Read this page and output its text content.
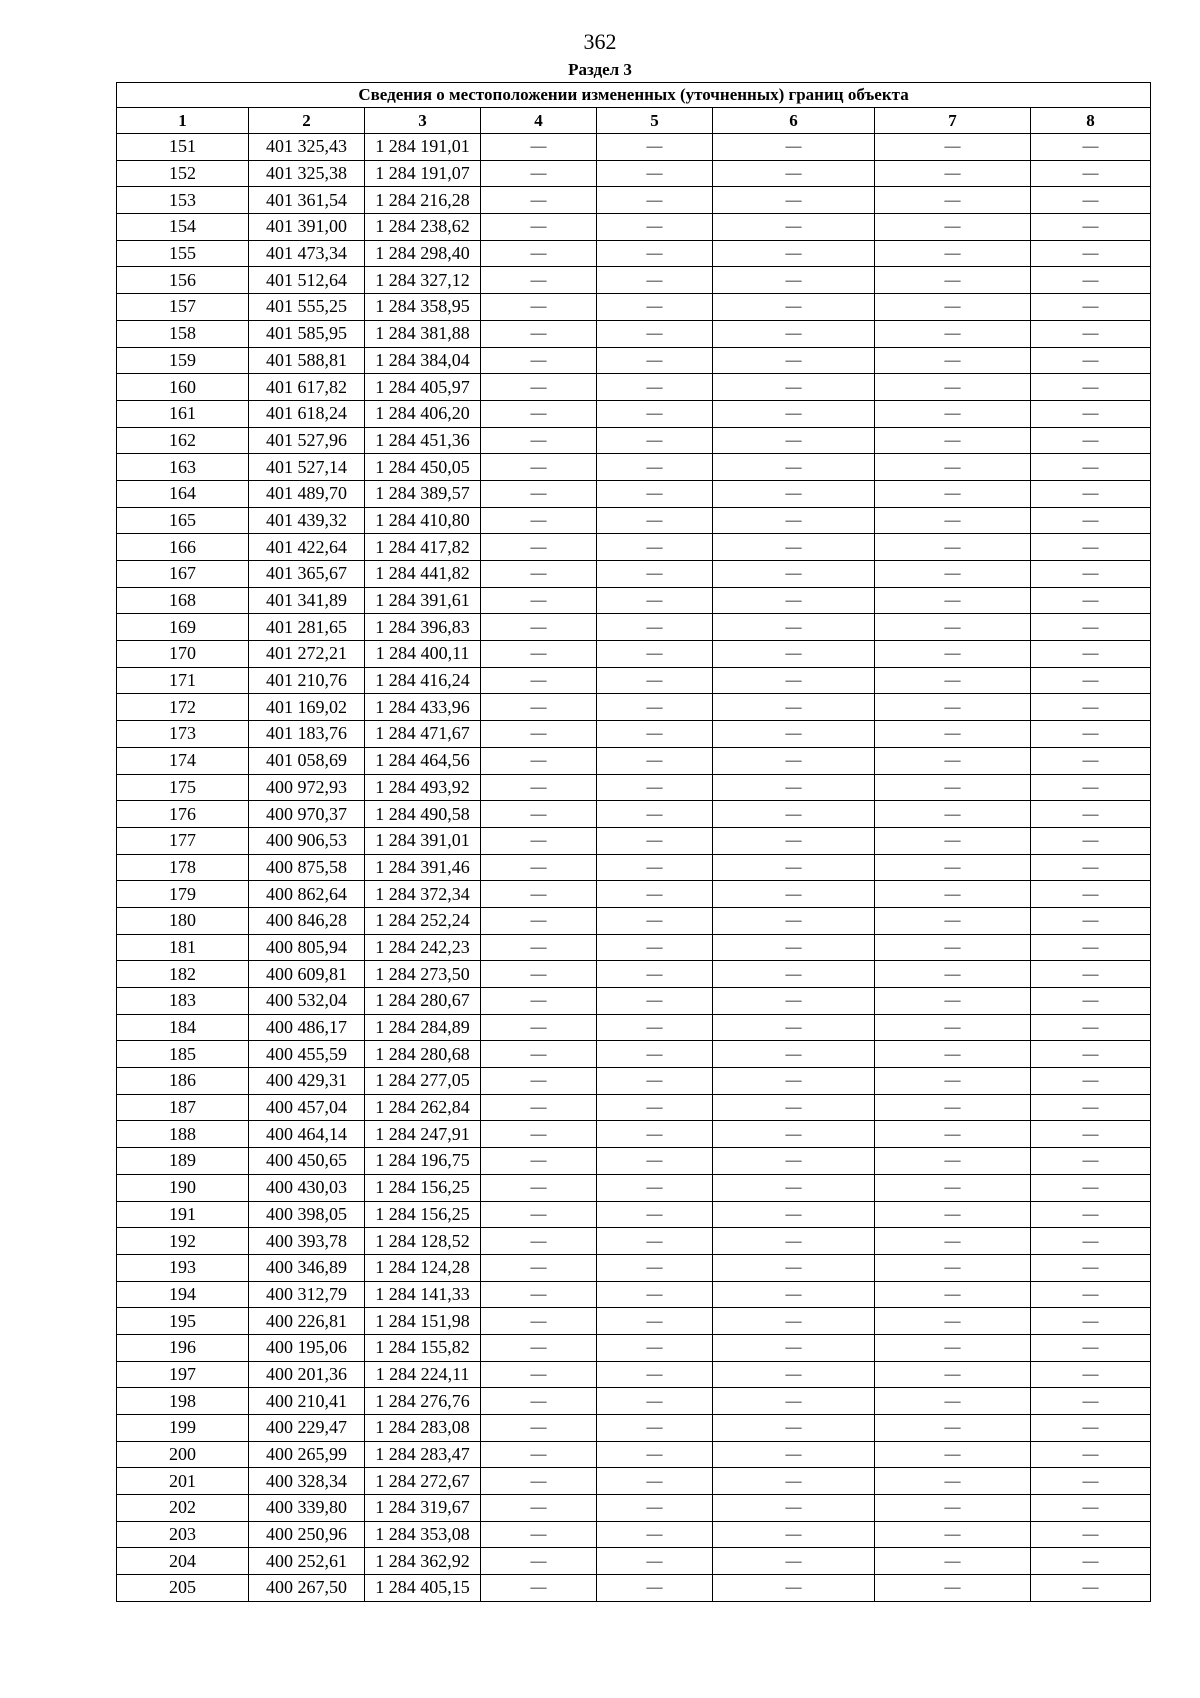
362
Раздел 3
Сведения о местоположении измененных (уточненных) границ объекта							
1	2	3	4	5	6	7	8
151	401 325,43	1 284 191,01	—	—	—	—	—
152	401 325,38	1 284 191,07	—	—	—	—	—
153	401 361,54	1 284 216,28	—	—	—	—	—
154	401 391,00	1 284 238,62	—	—	—	—	—
155	401 473,34	1 284 298,40	—	—	—	—	—
156	401 512,64	1 284 327,12	—	—	—	—	—
157	401 555,25	1 284 358,95	—	—	—	—	—
158	401 585,95	1 284 381,88	—	—	—	—	—
159	401 588,81	1 284 384,04	—	—	—	—	—
160	401 617,82	1 284 405,97	—	—	—	—	—
161	401 618,24	1 284 406,20	—	—	—	—	—
162	401 527,96	1 284 451,36	—	—	—	—	—
163	401 527,14	1 284 450,05	—	—	—	—	—
164	401 489,70	1 284 389,57	—	—	—	—	—
165	401 439,32	1 284 410,80	—	—	—	—	—
166	401 422,64	1 284 417,82	—	—	—	—	—
167	401 365,67	1 284 441,82	—	—	—	—	—
168	401 341,89	1 284 391,61	—	—	—	—	—
169	401 281,65	1 284 396,83	—	—	—	—	—
170	401 272,21	1 284 400,11	—	—	—	—	—
171	401 210,76	1 284 416,24	—	—	—	—	—
172	401 169,02	1 284 433,96	—	—	—	—	—
173	401 183,76	1 284 471,67	—	—	—	—	—
174	401 058,69	1 284 464,56	—	—	—	—	—
175	400 972,93	1 284 493,92	—	—	—	—	—
176	400 970,37	1 284 490,58	—	—	—	—	—
177	400 906,53	1 284 391,01	—	—	—	—	—
178	400 875,58	1 284 391,46	—	—	—	—	—
179	400 862,64	1 284 372,34	—	—	—	—	—
180	400 846,28	1 284 252,24	—	—	—	—	—
181	400 805,94	1 284 242,23	—	—	—	—	—
182	400 609,81	1 284 273,50	—	—	—	—	—
183	400 532,04	1 284 280,67	—	—	—	—	—
184	400 486,17	1 284 284,89	—	—	—	—	—
185	400 455,59	1 284 280,68	—	—	—	—	—
186	400 429,31	1 284 277,05	—	—	—	—	—
187	400 457,04	1 284 262,84	—	—	—	—	—
188	400 464,14	1 284 247,91	—	—	—	—	—
189	400 450,65	1 284 196,75	—	—	—	—	—
190	400 430,03	1 284 156,25	—	—	—	—	—
191	400 398,05	1 284 156,25	—	—	—	—	—
192	400 393,78	1 284 128,52	—	—	—	—	—
193	400 346,89	1 284 124,28	—	—	—	—	—
194	400 312,79	1 284 141,33	—	—	—	—	—
195	400 226,81	1 284 151,98	—	—	—	—	—
196	400 195,06	1 284 155,82	—	—	—	—	—
197	400 201,36	1 284 224,11	—	—	—	—	—
198	400 210,41	1 284 276,76	—	—	—	—	—
199	400 229,47	1 284 283,08	—	—	—	—	—
200	400 265,99	1 284 283,47	—	—	—	—	—
201	400 328,34	1 284 272,67	—	—	—	—	—
202	400 339,80	1 284 319,67	—	—	—	—	—
203	400 250,96	1 284 353,08	—	—	—	—	—
204	400 252,61	1 284 362,92	—	—	—	—	—
205	400 267,50	1 284 405,15	—	—	—	—	—
